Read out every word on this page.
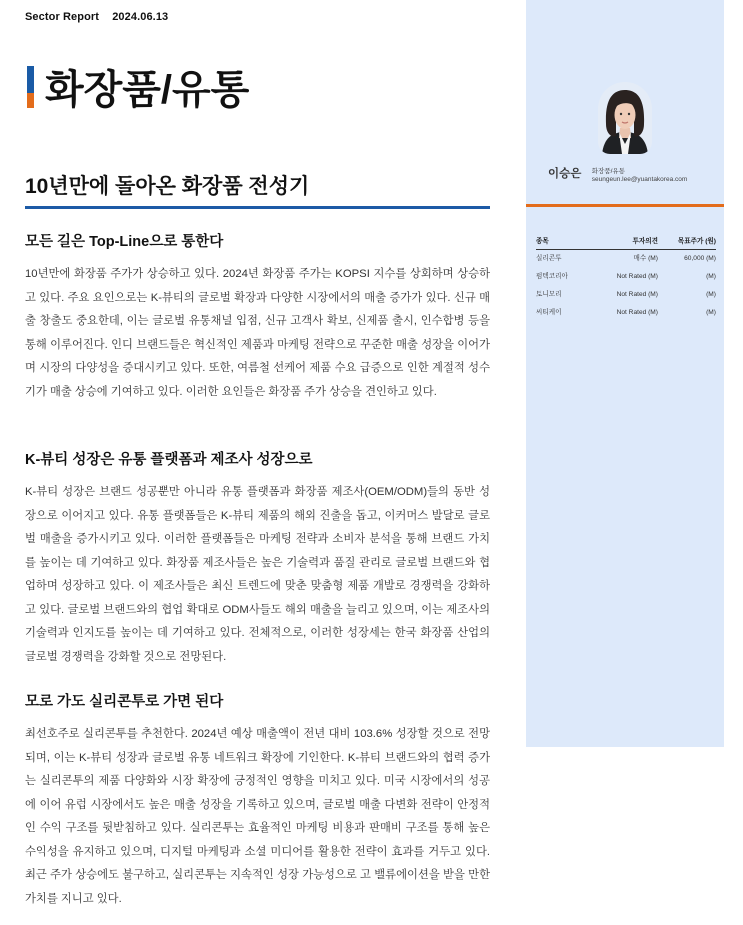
Sector Report 2024.06.13
화장품/유통
10년만에 돌아온 화장품 전성기
모든 길은 Top-Line으로 통한다

10년만에 화장품 주가가 상승하고 있다. 2024년 화장품 주가는 KOPSI 지수를 상회하며 상승하고 있다. 주요 요인으로는 K-뷰티의 글로벌 확장과 다양한 시장에서의 매출 증가가 있다. 신규 매출 창출도 중요한데, 이는 글로벌 유통채널 입점, 신규 고객사 확보, 신제품 출시, 인수합병 등을 통해 이루어진다. 인디 브랜드들은 혁신적인 제품과 마케팅 전략으로 꾸준한 매출 성장을 이어가며 시장의 다양성을 증대시키고 있다. 또한, 여름철 선케어 제품 수요 급증으로 인한 계절적 성수기가 매출 상승에 기여하고 있다. 이러한 요인들은 화장품 주가 상승을 견인하고 있다.

K-뷰티 성장은 유통 플랫폼과 제조사 성장으로

K-뷰티 성장은 브랜드 성공뿐만 아니라 유통 플랫폼과 화장품 제조사(OEM/ODM)들의 동반 성장으로 이어지고 있다. 유통 플랫폼들은 K-뷰티 제품의 해외 진출을 돕고, 이커머스 발달로 글로벌 매출을 증가시키고 있다. 이러한 플랫폼들은 마케팅 전략과 소비자 분석을 통해 브랜드 가치를 높이는 데 기여하고 있다. 화장품 제조사들은 높은 기술력과 품질 관리로 글로벌 브랜드와 협업하며 성장하고 있다. 이 제조사들은 최신 트렌드에 맞춘 맞춤형 제품 개발로 경쟁력을 강화하고 있다. 글로벌 브랜드와의 협업 확대로 ODM사들도 해외 매출을 늘리고 있으며, 이는 제조사의 기술력과 인지도를 높이는 데 기여하고 있다. 전체적으로, 이러한 성장세는 한국 화장품 산업의 글로벌 경쟁력을 강화할 것으로 전망된다.

모로 가도 실리콘투로 가면 된다

최선호주로 실리콘투를 추천한다. 2024년 예상 매출액이 전년 대비 103.6% 성장할 것으로 전망되며, 이는 K-뷰티 성장과 글로벌 유통 네트워크 확장에 기인한다. K-뷰티 브랜드와의 협력 증가는 실리콘투의 제품 다양화와 시장 확장에 긍정적인 영향을 미치고 있다. 미국 시장에서의 성공에 이어 유럽 시장에서도 높은 매출 성장을 기록하고 있으며, 글로벌 매출 다변화 전략이 안정적인 수익 구조를 뒷받침하고 있다. 실리콘투는 효율적인 마케팅 비용과 판매비 구조를 통해 높은 수익성을 유지하고 있으며, 디지털 마케팅과 소셜 미디어를 활용한 전략이 효과를 거두고 있다. 최근 주가 상승에도 불구하고, 실리콘투는 지속적인 성장 가능성으로 고 밸류에이션을 받을 만한 가치를 지니고 있다.

이승은 화장품/유통
seungeun.lee@yuantakorea.com
종목	투자의견	목표주가 (원)
실리콘투	매수 (M)	60,000 (M)
펌텍코리아	Not Rated (M)	(M)
토니모리	Not Rated (M)	(M)
씨티케이	Not Rated (M)	(M)
